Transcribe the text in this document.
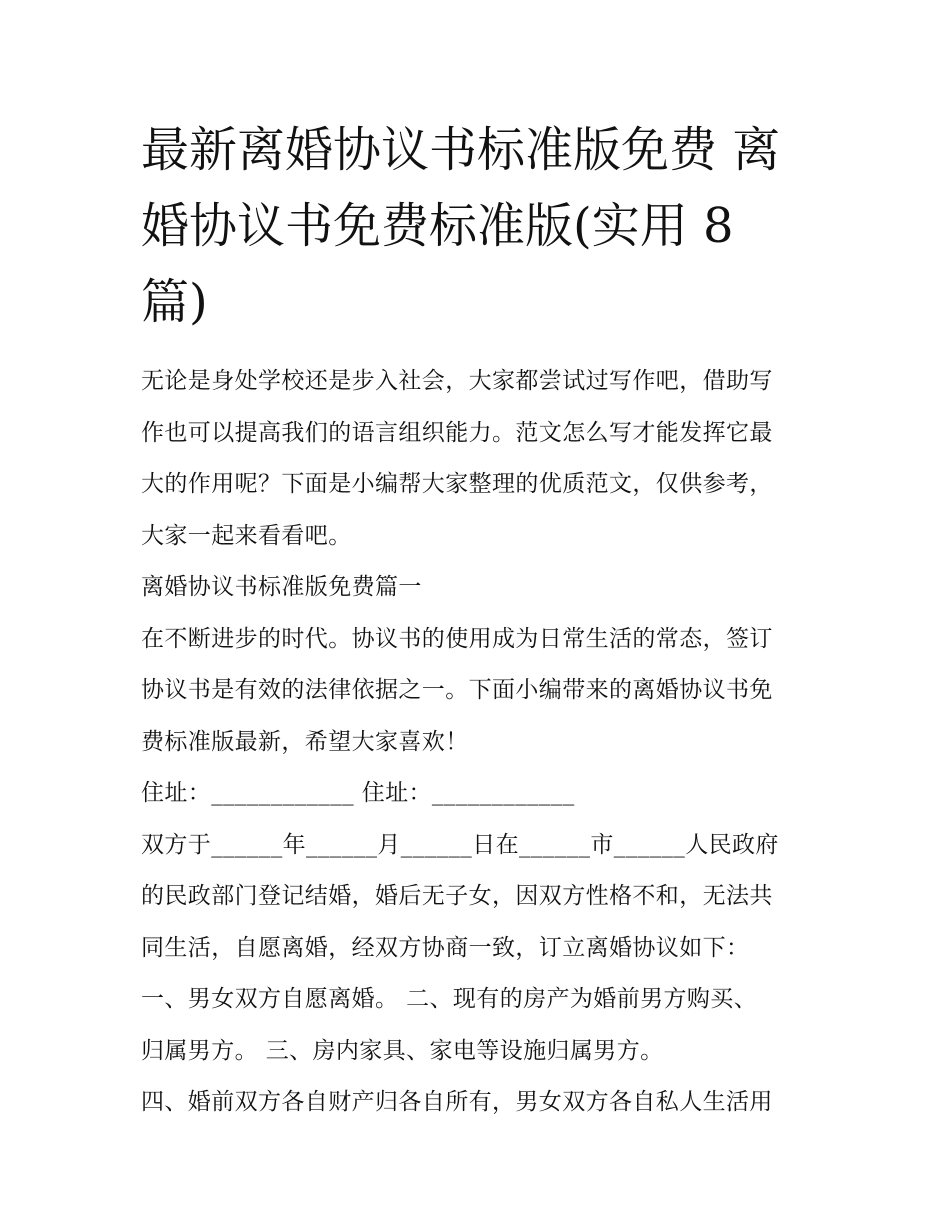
最新离婚协议书标准版免费 离
婚协议书免费标准版(实用 8
篇)

无论是身处学校还是步入社会，大家都尝试过写作吧，借助写
作也可以提高我们的语言组织能力。范文怎么写才能发挥它最
大的作用呢？下面是小编帮大家整理的优质范文，仅供参考，
大家一起来看看吧。

离婚协议书标准版免费篇一

在不断进步的时代。协议书的使用成为日常生活的常态，签订
协议书是有效的法律依据之一。下面小编带来的离婚协议书免
费标准版最新，希望大家喜欢！

住址：____________ 住址：____________

双方于______年______月______日在______市______人民政府
的民政部门登记结婚，婚后无子女，因双方性格不和，无法共
同生活，自愿离婚，经双方协商一致，订立离婚协议如下：

一、男女双方自愿离婚。 二、现有的房产为婚前男方购买、
归属男方。 三、房内家具、家电等设施归属男方。

四、婚前双方各自财产归各自所有，男女双方各自私人生活用
